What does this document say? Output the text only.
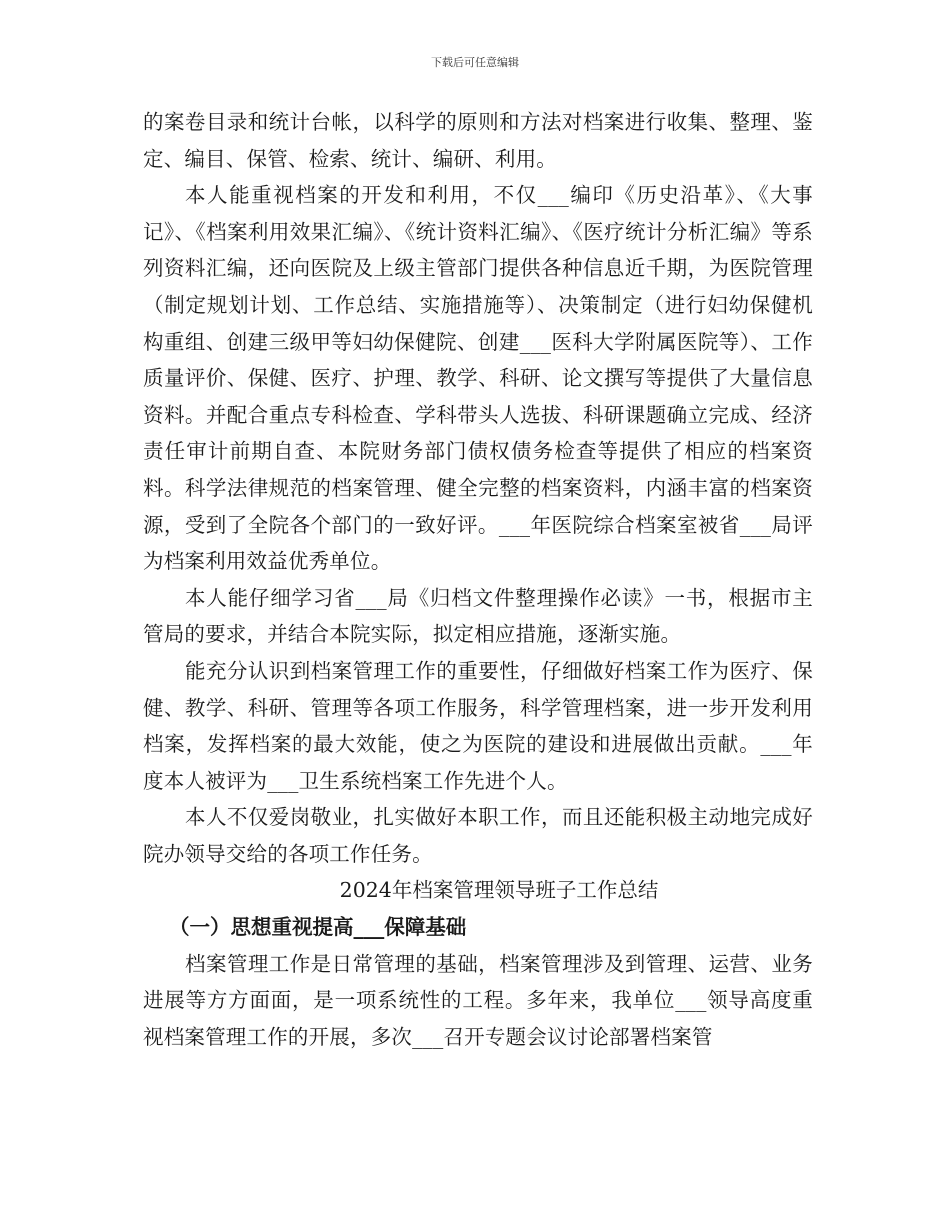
下载后可任意编辑

的案卷目录和统计台帐，以科学的原则和方法对档案进行收集、整理、鉴定、编目、保管、检索、统计、编研、利用。

本人能重视档案的开发和利用，不仅___编印《历史沿革》、《大事记》、《档案利用效果汇编》、《统计资料汇编》、《医疗统计分析汇编》等系列资料汇编，还向医院及上级主管部门提供各种信息近千期，为医院管理（制定规划计划、工作总结、实施措施等）、决策制定（进行妇幼保健机构重组、创建三级甲等妇幼保健院、创建___医科大学附属医院等）、工作质量评价、保健、医疗、护理、教学、科研、论文撰写等提供了大量信息资料。并配合重点专科检查、学科带头人选拔、科研课题确立完成、经济责任审计前期自查、本院财务部门债权债务检查等提供了相应的档案资料。科学法律规范的档案管理、健全完整的档案资料，内涵丰富的档案资源，受到了全院各个部门的一致好评。___年医院综合档案室被省___局评为档案利用效益优秀单位。

本人能仔细学习省___局《归档文件整理操作必读》一书，根据市主管局的要求，并结合本院实际，拟定相应措施，逐渐实施。

能充分认识到档案管理工作的重要性，仔细做好档案工作为医疗、保健、教学、科研、管理等各项工作服务，科学管理档案，进一步开发利用档案，发挥档案的最大效能，使之为医院的建设和进展做出贡献。___年度本人被评为___卫生系统档案工作先进个人。

本人不仅爱岗敬业，扎实做好本职工作，而且还能积极主动地完成好院办领导交给的各项工作任务。

2024年档案管理领导班子工作总结

（一）思想重视提高___保障基础

档案管理工作是日常管理的基础，档案管理涉及到管理、运营、业务进展等方方面面，是一项系统性的工程。多年来，我单位___领导高度重视档案管理工作的开展，多次___召开专题会议讨论部署档案管
